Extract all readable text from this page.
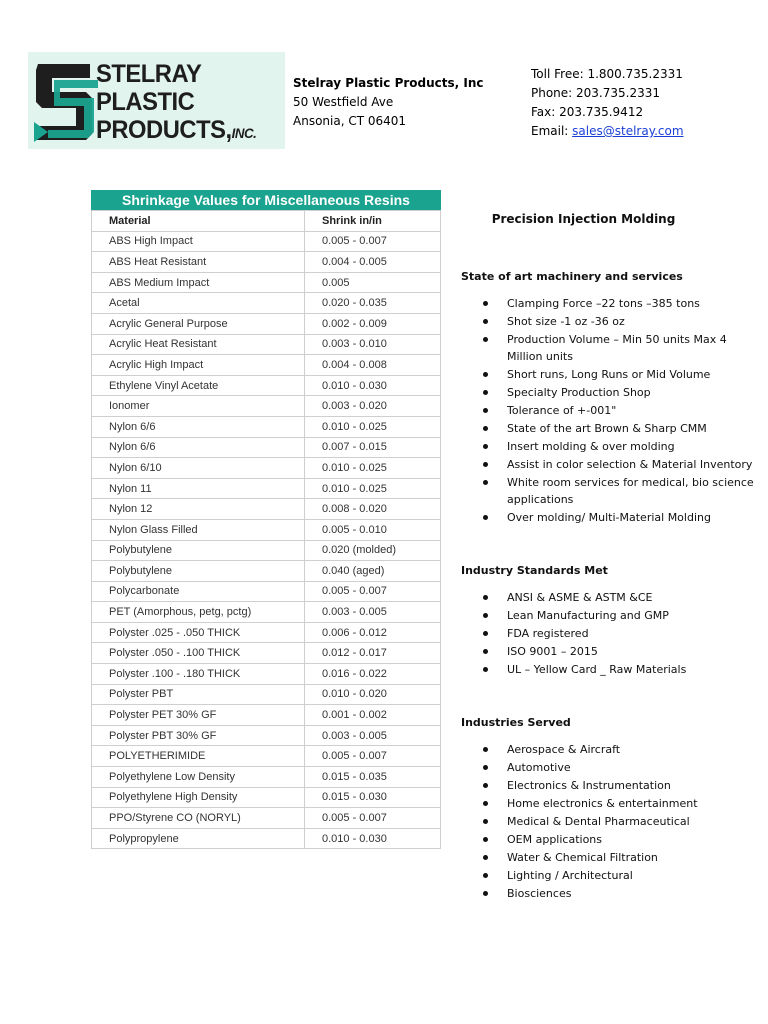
STELRAY
PLASTIC
PRODUCTS,INC.
Stelray Plastic Products, Inc
50 Westfield Ave
Ansonia, CT 06401
Toll Free: 1.800.735.2331
Phone: 203.735.2331
Fax: 203.735.9412
Email: sales@stelray.com
Shrinkage Values for Miscellaneous Resins
Material	Shrink in/in
ABS High Impact	0.005 - 0.007
ABS Heat Resistant	0.004 - 0.005
ABS Medium Impact	0.005
Acetal	0.020 - 0.035
Acrylic General Purpose	0.002 - 0.009
Acrylic Heat Resistant	0.003 - 0.010
Acrylic High Impact	0.004 - 0.008
Ethylene Vinyl Acetate	0.010 - 0.030
Ionomer	0.003 - 0.020
Nylon 6/6	0.010 - 0.025
Nylon 6/6	0.007 - 0.015
Nylon 6/10	0.010 - 0.025
Nylon 11	0.010 - 0.025
Nylon 12	0.008 - 0.020
Nylon Glass Filled	0.005 - 0.010
Polybutylene	0.020 (molded)
Polybutylene	0.040 (aged)
Polycarbonate	0.005 - 0.007
PET (Amorphous, petg, pctg)	0.003 - 0.005
Polyster .025 - .050 THICK	0.006 - 0.012
Polyster .050 - .100 THICK	0.012 - 0.017
Polyster .100 - .180 THICK	0.016 - 0.022
Polyster PBT	0.010 - 0.020
Polyster PET 30% GF	0.001 - 0.002
Polyster PBT 30% GF	0.003 - 0.005
POLYETHERIMIDE	0.005 - 0.007
Polyethylene Low Density	0.015 - 0.035
Polyethylene High Density	0.015 - 0.030
PPO/Styrene CO (NORYL)	0.005 - 0.007
Polypropylene	0.010 - 0.030
Precision Injection Molding
State of art machinery and services
Clamping Force –22 tons –385 tons
Shot size -1 oz -36 oz
Production Volume – Min 50 units Max 4 Million units
Short runs, Long Runs or Mid Volume
Specialty Production Shop
Tolerance of +-001"
State of the art Brown & Sharp CMM
Insert molding & over molding
Assist in color selection & Material Inventory
White room services for medical, bio science applications
Over molding/ Multi-Material Molding
Industry Standards Met
ANSI & ASME & ASTM &CE
Lean Manufacturing and GMP
FDA registered
ISO 9001 – 2015
UL – Yellow Card _ Raw Materials
Industries Served
Aerospace & Aircraft
Automotive
Electronics & Instrumentation
Home electronics & entertainment
Medical & Dental Pharmaceutical
OEM applications
Water & Chemical Filtration
Lighting / Architectural
Biosciences
